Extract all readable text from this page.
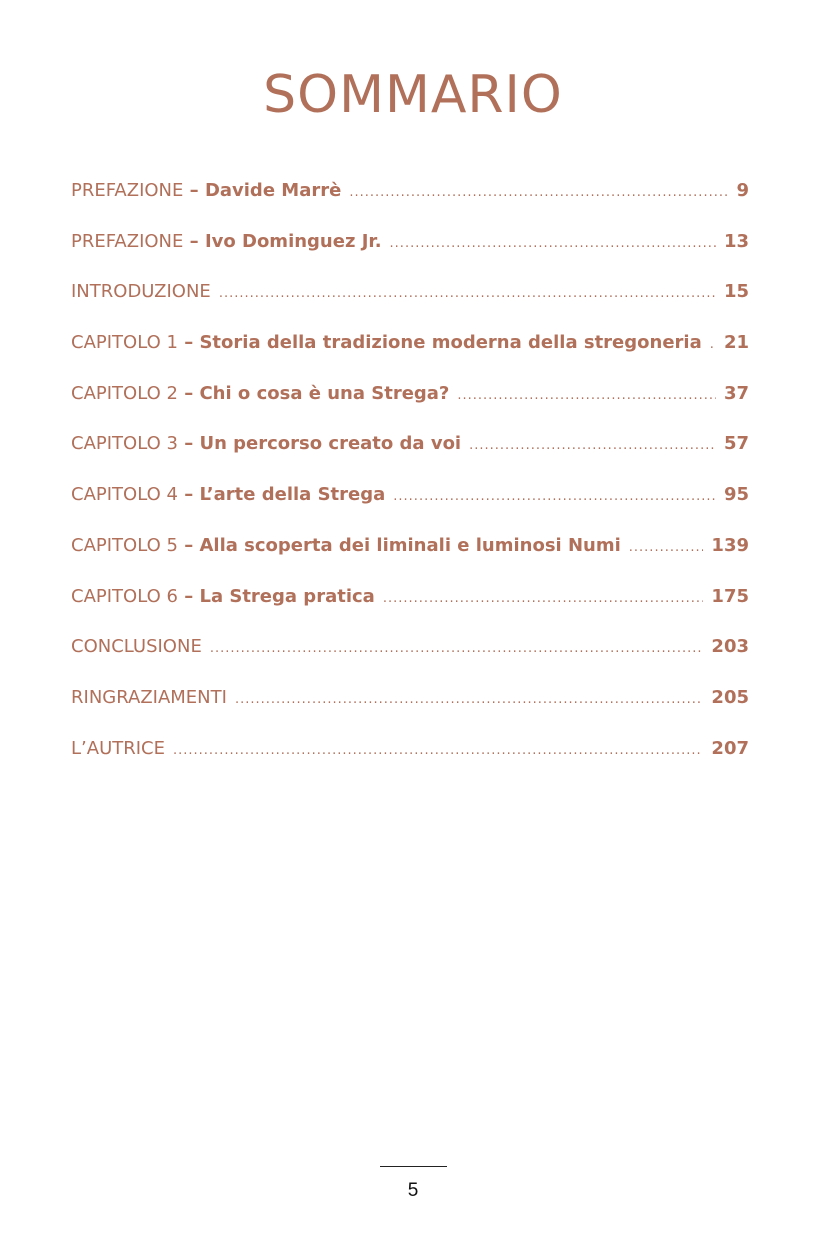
SOMMARIO
PREFAZIONE – Davide Marrè .....	9
PREFAZIONE – Ivo Dominguez Jr. .....	13
INTRODUZIONE .....	15
CAPITOLO 1 – Storia della tradizione moderna della stregoneria ..... 21
CAPITOLO 2 – Chi o cosa è una Strega? .....	37
CAPITOLO 3 – Un percorso creato da voi .....	57
CAPITOLO 4 – L’arte della Strega .....	95
CAPITOLO 5 – Alla scoperta dei liminali e luminosi Numi .....	139
CAPITOLO 6 – La Strega pratica .....	175
CONCLUSIONE .....	203
RINGRAZIAMENTI .....	205
L’AUTRICE .....	207
5
